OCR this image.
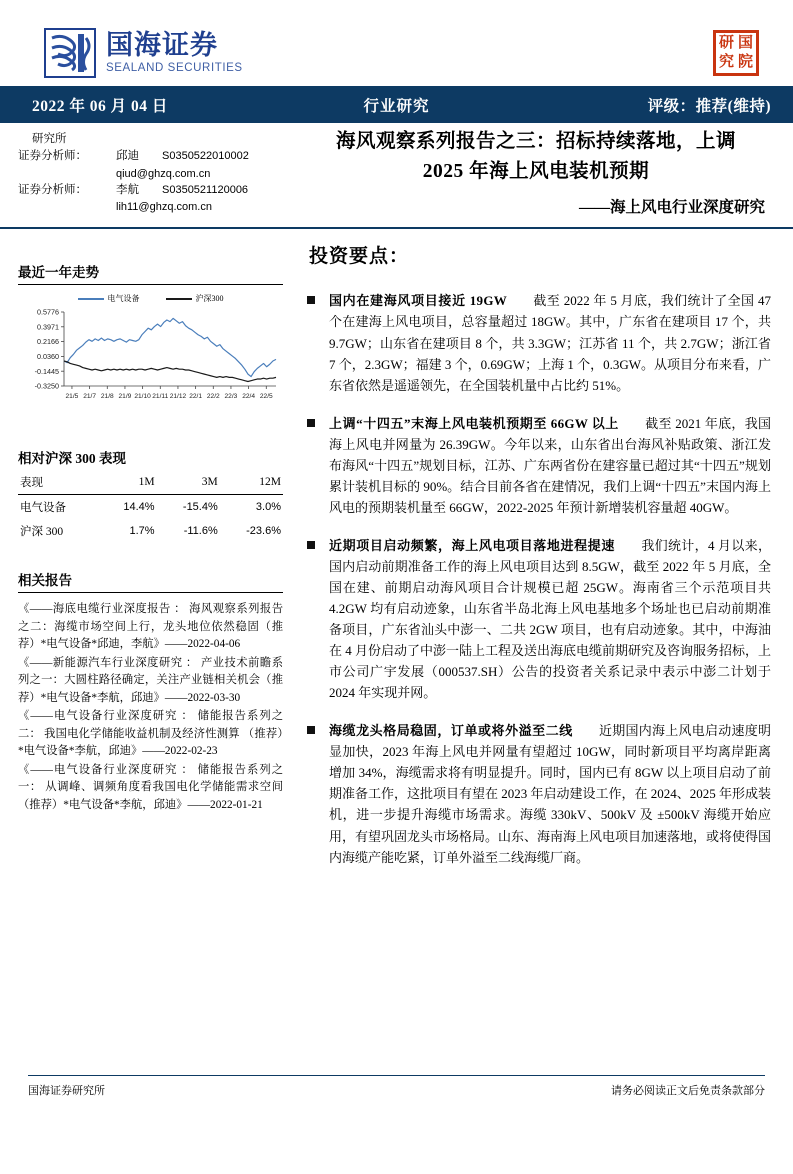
国海证券
SEALAND SECURITIES
研 国
究 院
2022 年 06 月 04 日	行业研究	评级：推荐(维持)
研究所
证券分析师：	邱迪	S0350522010002
qiud@ghzq.com.cn
证券分析师：	李航	S0350521120006
lih11@ghzq.com.cn
海风观察系列报告之三：招标持续落地，上调
2025 年海上风电装机预期
——海上风电行业深度研究
最近一年走势
电气设备	沪深300
0.5776
0.3971
0.2166
0.0360
-0.1445
-0.3250
21/5 21/7 21/8 21/9 21/10 21/11 21/12 22/1 22/2 22/3 22/4 22/5
相对沪深 300 表现
表现	1M	3M	12M
电气设备	14.4%	-15.4%	3.0%
沪深 300	1.7%	-11.6%	-23.6%
相关报告
《——海底电缆行业深度报告 ： 海风观察系列报告之二：海缆市场空间上行，龙头地位依然稳固（推荐）*电气设备*邱迪，李航》——2022-04-06
《——新能源汽车行业深度研究 ： 产业技术前瞻系列之一：大圆柱路径确定，关注产业链相关机会（推荐）*电气设备*李航，邱迪》——2022-03-30
《——电气设备行业深度研究 ： 储能报告系列之二： 我国电化学储能收益机制及经济性测算 （推荐）*电气设备*李航，邱迪》——2022-02-23
《——电气设备行业深度研究 ： 储能报告系列之一： 从调峰、调频角度看我国电化学储能需求空间 （推荐）*电气设备*李航，邱迪》——2022-01-21
投资要点：
国内在建海风项目接近 19GW 截至 2022 年 5 月底，我们统计了全国 47 个在建海上风电项目，总容量超过 18GW。其中，广东省在建项目 17 个，共 9.7GW；山东省在建项目 8 个，共 3.3GW；江苏省 11 个，共 2.7GW；浙江省 7 个，2.3GW；福建 3 个，0.69GW；上海 1 个，0.3GW。从项目分布来看，广东省依然是遥遥领先，在全国装机量中占比约 51%。
上调“十四五”末海上风电装机预期至 66GW 以上 截至 2021 年底，我国海上风电并网量为 26.39GW。今年以来，山东省出台海风补贴政策、浙江发布海风“十四五”规划目标，江苏、广东两省份在建容量已超过其“十四五”规划累计装机目标的 90%。结合目前各省在建情况，我们上调“十四五”末国内海上风电的预期装机量至 66GW，2022-2025 年预计新增装机容量超 40GW。
近期项目启动频繁，海上风电项目落地进程提速 我们统计，4 月以来，国内启动前期准备工作的海上风电项目达到 8.5GW，截至 2022 年 5 月底，全国在建、前期启动海风项目合计规模已超 25GW。海南省三个示范项目共 4.2GW 均有启动迹象，山东省半岛北海上风电基地多个场址也已启动前期准备项目，广东省汕头中澎一、二共 2GW 项目，也有启动迹象。其中，中海油在 4 月份启动了中澎一陆上工程及送出海底电缆前期研究及咨询服务招标，上市公司广宇发展（000537.SH）公告的投资者关系记录中表示中澎二计划于 2024 年实现并网。
海缆龙头格局稳固，订单或将外溢至二线 近期国内海上风电启动速度明显加快，2023 年海上风电并网量有望超过 10GW，同时新项目平均离岸距离增加 34%，海缆需求将有明显提升。同时，国内已有 8GW 以上项目启动了前期准备工作，这批项目有望在 2023 年启动建设工作，在 2024、2025 年形成装机，进一步提升海缆市场需求。海缆 330kV、500kV 及 ±500kV 海缆开始应用，有望巩固龙头市场格局。山东、海南海上风电项目加速落地，或将使得国内海缆产能吃紧，订单外溢至二线海缆厂商。
国海证券研究所	请务必阅读正文后免责条款部分
